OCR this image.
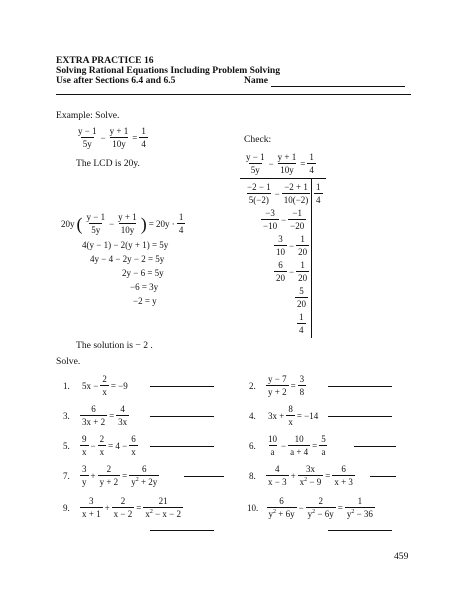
EXTRA PRACTICE 16
Solving Rational Equations Including Problem Solving
Use after Sections 6.4 and 6.5	Name
Example: Solve.
$\frac{y - 1}{5y} - \frac{y + 1}{10y} = \frac{1}{4}$
The LCD is 20y.
20y ( $\frac{y - 1}{5y} - \frac{y + 1}{10y}$ ) = $20y \cdot \frac{1}{4}$
4(y − 1) − 2(y + 1) = 5y
4y − 4 − 2y − 2 = 5y
2y − 6 = 5y
−6 = 3y
−2 = y
The solution is − 2 .
Check:
$\frac{y - 1}{5y} - \frac{y + 1}{10y} = \frac{1}{4}$
$\frac{-2 - 1}{5(-2)} - \frac{-2 + 1}{10(-2)} \frac{1}{4}$
$\frac{-3}{-10} - \frac{-1}{-20}$
$\frac{3}{10} - \frac{1}{20}$
$\frac{6}{20} - \frac{1}{20}$
$\frac{5}{20}$
$\frac{1}{4}$
Solve.
1. $5x - \frac{2}{x} = -9$	2. $\frac{y - 7}{y + 2} = \frac{3}{8}$
3. $\frac{6}{3x + 2} = \frac{4}{3x}$	4. $3x + \frac{8}{x} = -14$
5. $\frac{9}{x} - \frac{2}{x} = 4 - \frac{6}{x}$	6. $\frac{10}{a} - \frac{10}{a + 4} = \frac{5}{a}$
7. $\frac{3}{y} + \frac{2}{y + 2} = \frac{6}{y^2 + 2y}$	8. $\frac{4}{x - 3} + \frac{3x}{x^2 - 9} = \frac{6}{x + 3}$
9. $\frac{3}{x + 1} + \frac{2}{x - 2} = \frac{21}{x^2 - x - 2}$	10. $\frac{6}{y^2 + 6y} - \frac{2}{y^2 - 6y} = \frac{1}{y^2 - 36}$
459
